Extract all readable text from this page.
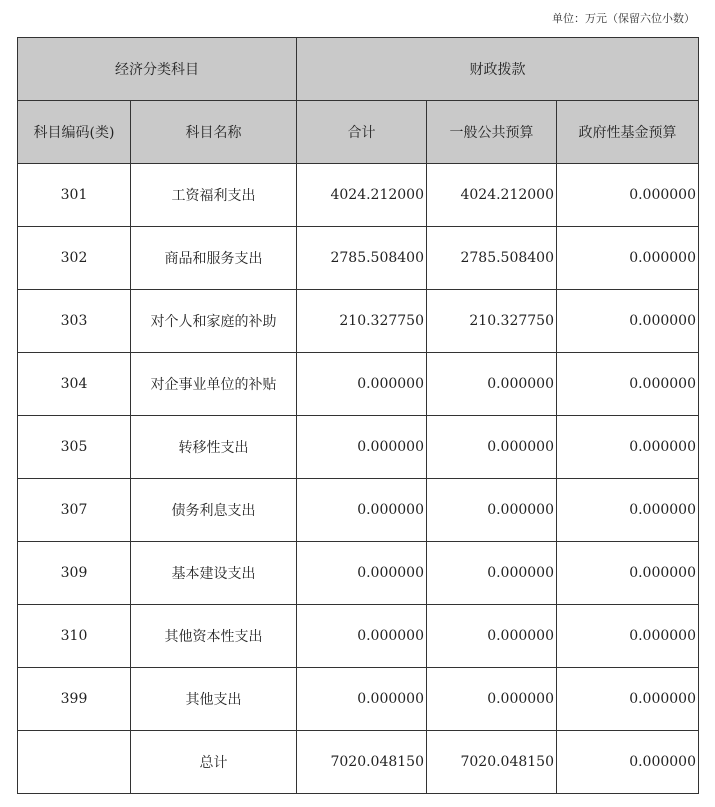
单位：万元（保留六位小数）
经济分类科目		财政拨款		
科目编码(类)	科目名称	合计	一般公共预算	政府性基金预算
301	工资福利支出	4024.212000	4024.212000	0.000000
302	商品和服务支出	2785.508400	2785.508400	0.000000
303	对个人和家庭的补助	210.327750	210.327750	0.000000
304	对企事业单位的补贴	0.000000	0.000000	0.000000
305	转移性支出	0.000000	0.000000	0.000000
307	债务利息支出	0.000000	0.000000	0.000000
309	基本建设支出	0.000000	0.000000	0.000000
310	其他资本性支出	0.000000	0.000000	0.000000
399	其他支出	0.000000	0.000000	0.000000
	总计	7020.048150	7020.048150	0.000000
